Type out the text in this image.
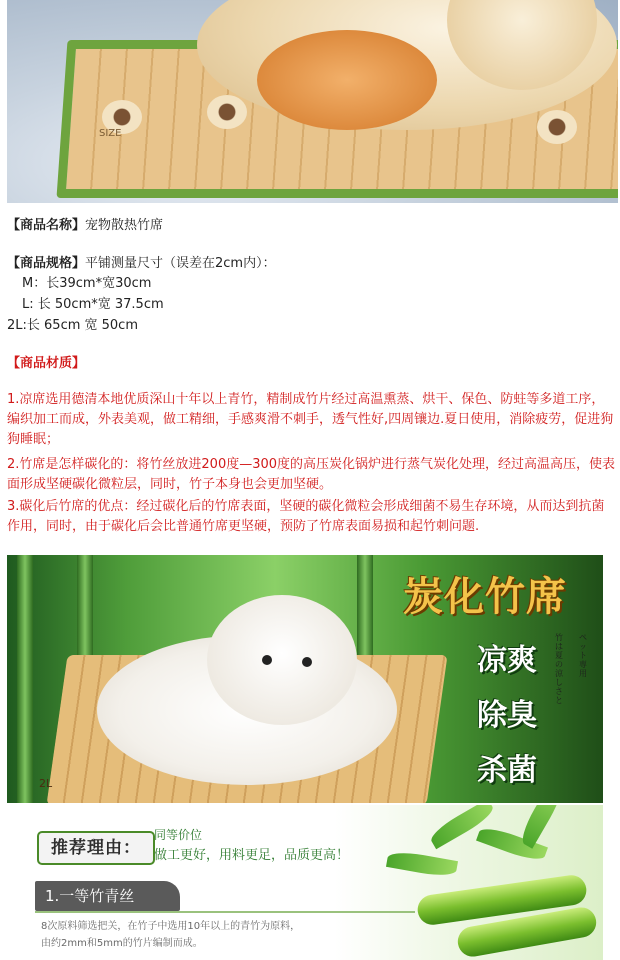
SIZE
【商品名称】宠物散热竹席
【商品规格】平铺测量尺寸（误差在2cm内）：
M：长39cm*宽30cm
L: 长 50cm*宽 37.5cm
2L:长 65cm 宽 50cm
【商品材质】
1.凉席选用德清本地优质深山十年以上青竹，精制成竹片经过高温熏蒸、烘干、保色、防蛀等多道工序，编织加工而成，外表美观，做工精细，手感爽滑不刺手，透气性好,四周镶边.夏日使用，消除疲劳，促进狗狗睡眠；
2.竹席是怎样碳化的：将竹丝放进200度—300度的高压炭化锅炉进行蒸气炭化处理，经过高温高压，使表面形成坚硬碳化微粒层，同时，竹子本身也会更加坚硬。
3.碳化后竹席的优点：经过碳化后的竹席表面，坚硬的碳化微粒会形成细菌不易生存环境，从而达到抗菌作用，同时，由于碳化后会比普通竹席更坚硬，预防了竹席表面易损和起竹刺问题.
2L
炭化竹席
凉爽
除臭
杀菌
竹は夏の涼しさと
ペット専用
推荐理由：
同等价位
做工更好，用料更足，品质更高！
1.一等竹青丝
8次原料筛选把关，在竹子中选用10年以上的青竹为原料，
由约2mm和5mm的竹片编制而成。
